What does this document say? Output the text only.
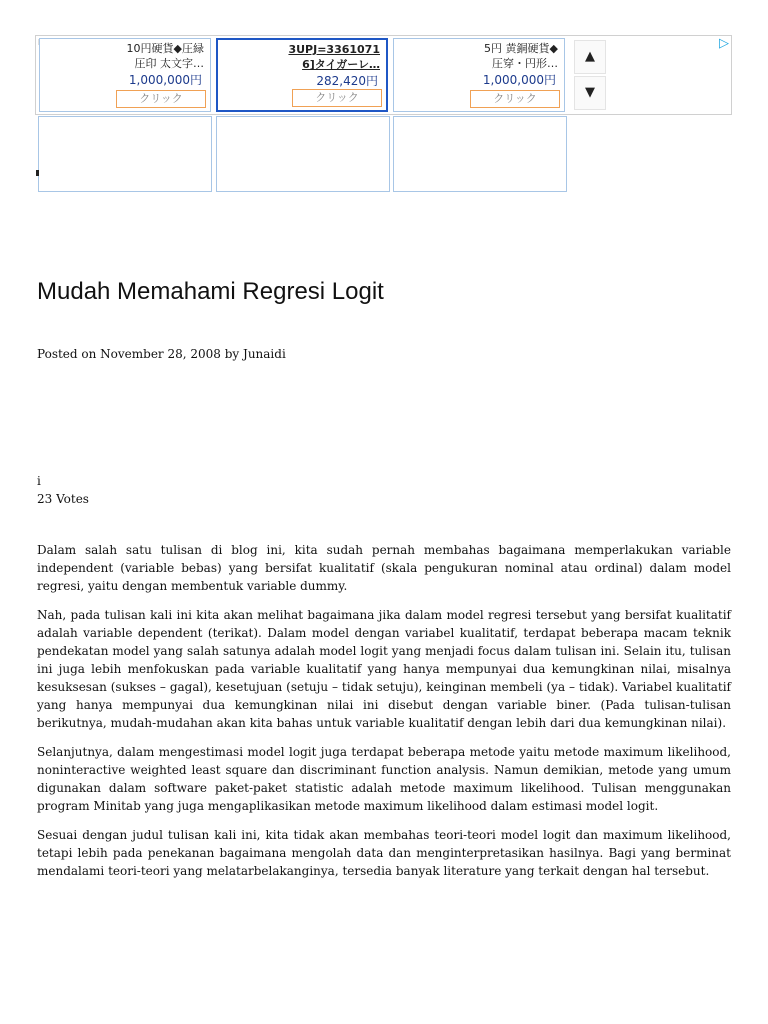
▷
10円硬貨◆圧緑
圧印 太文字…
1,000,000円
クリック
3UPJ=3361071
6]タイガーレ…
282,420円
クリック
5円 黄銅硬貨◆
圧穿・円形…
1,000,000円
クリック
▲
▼
Mudah Memahami Regresi Logit
Posted on November 28, 2008 by Junaidi
i
23 Votes

Dalam salah satu tulisan di blog ini, kita sudah pernah membahas bagaimana memperlakukan variable independent (variable bebas) yang bersifat kualitatif (skala pengukuran nominal atau ordinal) dalam model regresi, yaitu dengan membentuk variable dummy.

Nah, pada tulisan kali ini kita akan melihat bagaimana jika dalam model regresi tersebut yang bersifat kualitatif adalah variable dependent (terikat). Dalam model dengan variabel kualitatif, terdapat beberapa macam teknik pendekatan model yang salah satunya adalah model logit yang menjadi focus dalam tulisan ini. Selain itu, tulisan ini juga lebih menfokuskan pada variable kualitatif yang hanya mempunyai dua kemungkinan nilai, misalnya kesuksesan (sukses – gagal), kesetujuan (setuju – tidak setuju), keinginan membeli (ya – tidak). Variabel kualitatif yang hanya mempunyai dua kemungkinan nilai ini disebut dengan variable biner. (Pada tulisan-tulisan berikutnya, mudah-mudahan akan kita bahas untuk variable kualitatif dengan lebih dari dua kemungkinan nilai).

Selanjutnya, dalam mengestimasi model logit juga terdapat beberapa metode yaitu metode maximum likelihood, noninteractive weighted least square dan discriminant function analysis. Namun demikian, metode yang umum digunakan dalam software paket-paket statistic adalah metode maximum likelihood. Tulisan menggunakan program Minitab yang juga mengaplikasikan metode maximum likelihood dalam estimasi model logit.

Sesuai dengan judul tulisan kali ini, kita tidak akan membahas teori-teori model logit dan maximum likelihood, tetapi lebih pada penekanan bagaimana mengolah data dan menginterpretasikan hasilnya. Bagi yang berminat mendalami teori-teori yang melatarbelakanginya, tersedia banyak literature yang terkait dengan hal tersebut.
